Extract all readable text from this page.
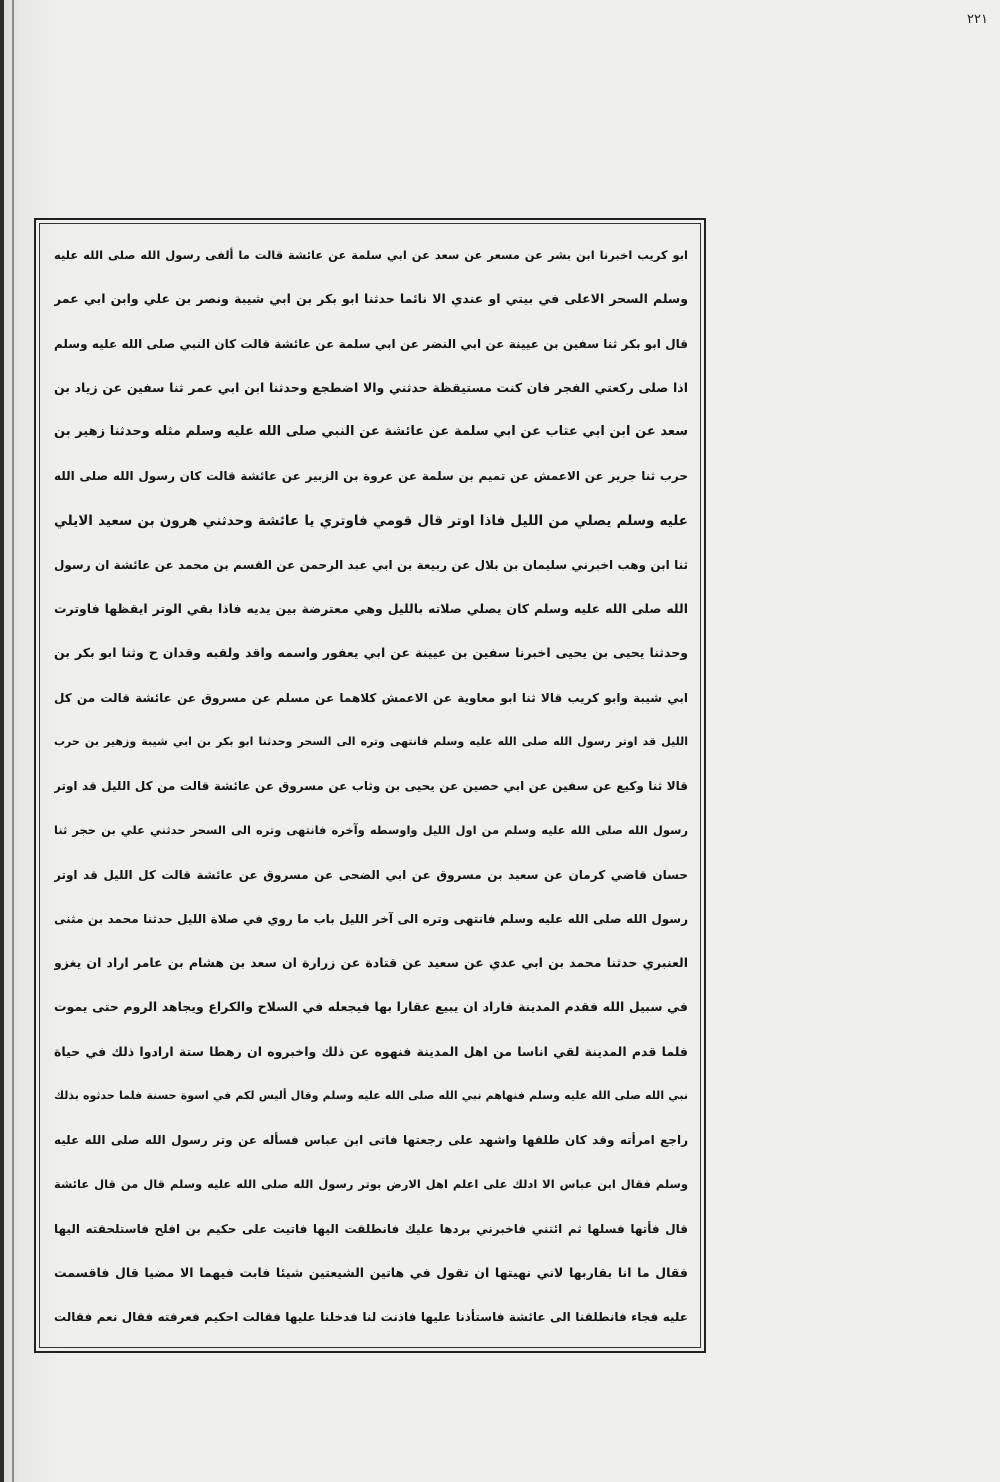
۲۲۱
ابو كريب اخبرنا ابن بشر عن مسعر عن سعد عن ابي سلمة عن عائشة قالت ما ألفى رسول الله صلى الله عليه
وسلم السحر الاعلى في بيتي او عندي الا نائما حدثنا ابو بكر بن ابي شيبة ونصر بن علي وابن ابي عمر
قال ابو بكر ثنا سفين بن عيينة عن ابي النضر عن ابي سلمة عن عائشة قالت كان النبي صلى الله عليه وسلم
اذا صلى ركعتي الفجر فان كنت مستيقظة حدثني والا اضطجع وحدثنا ابن ابي عمر ثنا سفين عن زياد بن
سعد عن ابن ابي عتاب عن ابي سلمة عن عائشة عن النبي صلى الله عليه وسلم مثله وحدثنا زهير بن
حرب ثنا جرير عن الاعمش عن تميم بن سلمة عن عروة بن الزبير عن عائشة قالت كان رسول الله صلى الله
عليه وسلم يصلي من الليل فاذا اوتر قال قومي فاوتري يا عائشة وحدثني هرون بن سعيد الايلي
ثنا ابن وهب اخبرني سليمان بن بلال عن ربيعة بن ابي عبد الرحمن عن القسم بن محمد عن عائشة ان رسول
الله صلى الله عليه وسلم كان يصلي صلاته بالليل وهي معترضة بين يديه فاذا بقي الوتر ايقظها فاوترت
وحدثنا يحيى بن يحيى اخبرنا سفين بن عيينة عن ابي يعفور واسمه واقد ولقبه وقدان ح وثنا ابو بكر بن
ابي شيبة وابو كريب قالا ثنا ابو معاوية عن الاعمش كلاهما عن مسلم عن مسروق عن عائشة قالت من كل
الليل قد اوتر رسول الله صلى الله عليه وسلم فانتهى وتره الى السحر وحدثنا ابو بكر بن ابي شيبة وزهير بن حرب
قالا ثنا وكيع عن سفين عن ابي حصين عن يحيى بن وثاب عن مسروق عن عائشة قالت من كل الليل قد اوتر
رسول الله صلى الله عليه وسلم من اول الليل واوسطه وآخره فانتهى وتره الى السحر حدثني علي بن حجر ثنا
حسان قاضي كرمان عن سعيد بن مسروق عن ابي الضحى عن مسروق عن عائشة قالت كل الليل قد اوتر
رسول الله صلى الله عليه وسلم فانتهى وتره الى آخر الليل باب ما روي في صلاة الليل حدثنا محمد بن مثنى
العنبري حدثنا محمد بن ابي عدي عن سعيد عن قتادة عن زرارة ان سعد بن هشام بن عامر اراد ان يغزو
في سبيل الله فقدم المدينة فاراد ان يبيع عقارا بها فيجعله في السلاح والكراع ويجاهد الروم حتى يموت
فلما قدم المدينة لقي اناسا من اهل المدينة فنهوه عن ذلك واخبروه ان رهطا ستة ارادوا ذلك في حياة
نبي الله صلى الله عليه وسلم فنهاهم نبي الله صلى الله عليه وسلم وقال أليس لكم في اسوة حسنة فلما حدثوه بذلك
راجع امرأته وقد كان طلقها واشهد على رجعتها فاتى ابن عباس فسأله عن وتر رسول الله صلى الله عليه
وسلم فقال ابن عباس الا ادلك على اعلم اهل الارض بوتر رسول الله صلى الله عليه وسلم قال من قال عائشة
قال فأتها فسلها ثم ائتني فاخبرني بردها عليك فانطلقت اليها فاتيت على حكيم بن افلح فاستلحقته اليها
فقال ما انا بقاربها لاني نهيتها ان تقول في هاتين الشيعتين شيئا فابت فيهما الا مضيا قال فاقسمت
عليه فجاء فانطلقنا الى عائشة فاستأذنا عليها فاذنت لنا فدخلنا عليها فقالت احكيم فعرفته فقال نعم فقالت
